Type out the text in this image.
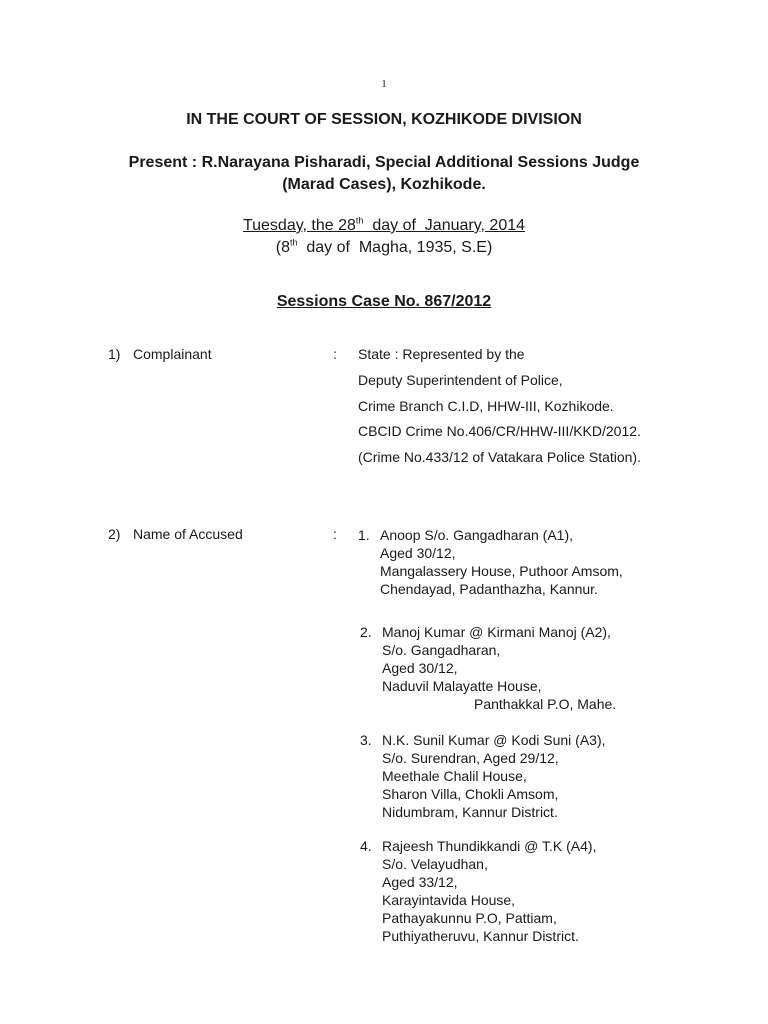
1
IN THE COURT OF SESSION, KOZHIKODE DIVISION
Present : R.Narayana Pisharadi, Special Additional Sessions Judge
(Marad Cases), Kozhikode.
Tuesday, the 28th  day of  January, 2014
(8th  day of  Magha, 1935, S.E)
Sessions Case No. 867/2012
1) Complainant	: State : Represented by the
Deputy Superintendent of Police,
Crime Branch C.I.D, HHW-III, Kozhikode.
CBCID Crime No.406/CR/HHW-III/KKD/2012.
(Crime No.433/12 of Vatakara Police Station).
2) Name of Accused	: 1. Anoop S/o. Gangadharan (A1),
Aged 30/12,
Mangalassery House, Puthoor Amsom,
Chendayad, Padanthazha, Kannur.
2. Manoj Kumar @ Kirmani Manoj (A2),
S/o. Gangadharan,
Aged 30/12,
Naduvil Malayatte House,
Panthakkal P.O, Mahe.
3. N.K. Sunil Kumar @ Kodi Suni (A3),
S/o. Surendran, Aged 29/12,
Meethale Chalil House,
Sharon Villa, Chokli Amsom,
Nidumbram, Kannur District.
4. Rajeesh Thundikkandi @ T.K (A4),
S/o. Velayudhan,
Aged 33/12,
Karayintavida House,
Pathayakunnu P.O, Pattiam,
Puthiyatheruvu, Kannur District.
